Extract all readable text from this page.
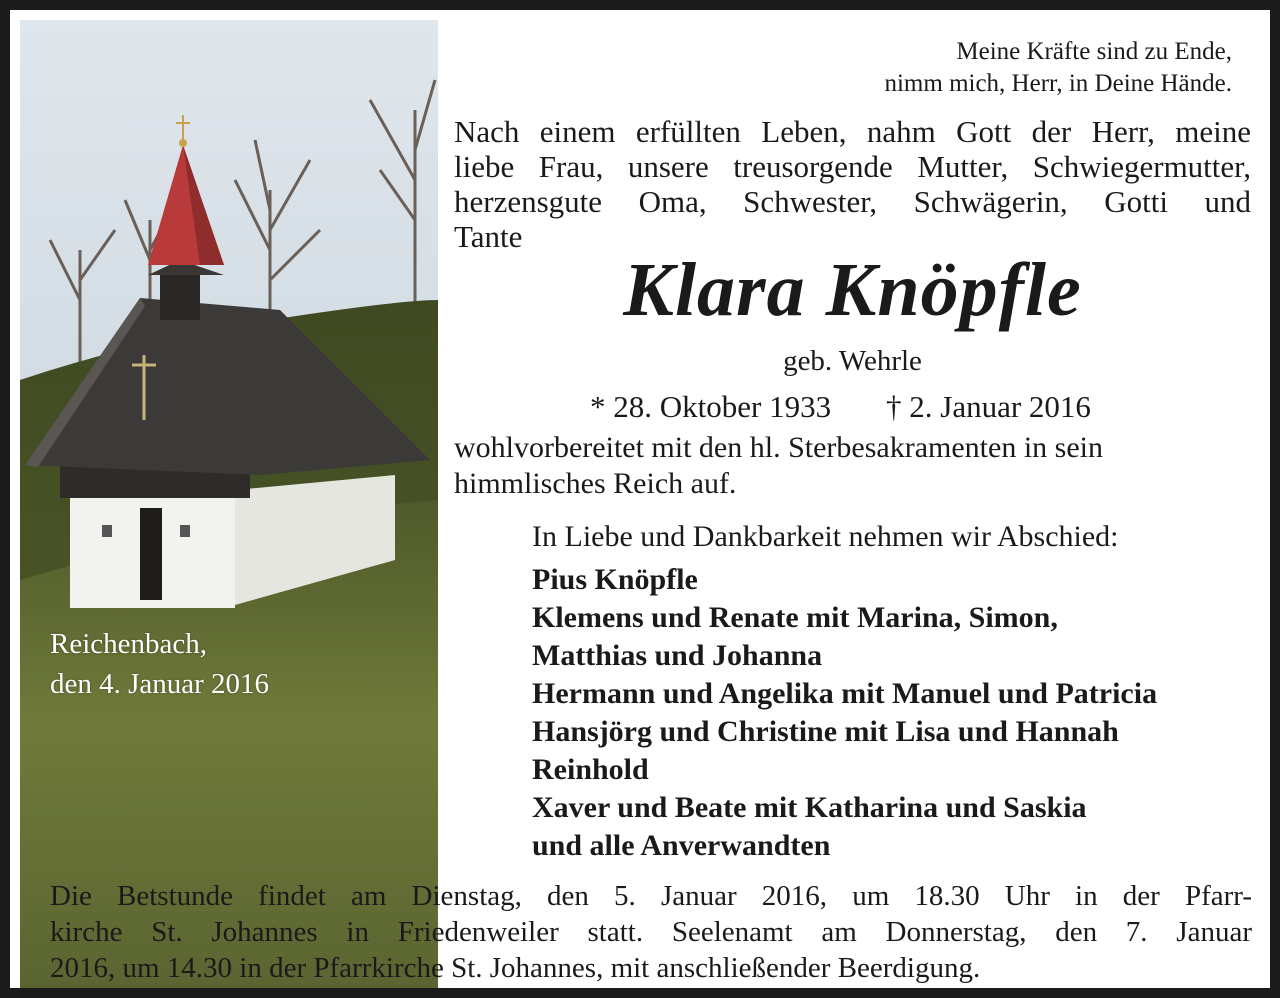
Meine Kräfte sind zu Ende,

nimm mich, Herr, in Deine Hände.

Nach einem erfüllten Leben, nahm Gott der Herr, meine

liebe Frau, unsere treusorgende Mutter, Schwiegermutter,

herzensgute Oma, Schwester, Schwägerin, Gotti und

Tante

Klara Knöpfle

geb. Wehrle

* 28. Oktober 1933 † 2. Januar 2016

wohlvorbereitet mit den hl. Sterbesakramenten in sein

himmlisches Reich auf.

In Liebe und Dankbarkeit nehmen wir Abschied:

Pius Knöpfle

Klemens und Renate mit Marina, Simon,

Matthias und Johanna

Hermann und Angelika mit Manuel und Patricia

Hansjörg und Christine mit Lisa und Hannah

Reinhold

Xaver und Beate mit Katharina und Saskia

und alle Anverwandten

Reichenbach,

den 4. Januar 2016

Die Betstunde findet am Dienstag, den 5. Januar 2016, um 18.30 Uhr in der Pfarr-

kirche St. Johannes in Friedenweiler statt. Seelenamt am Donnerstag, den 7. Januar

2016, um 14.30 in der Pfarrkirche St. Johannes, mit anschließender Beerdigung.
